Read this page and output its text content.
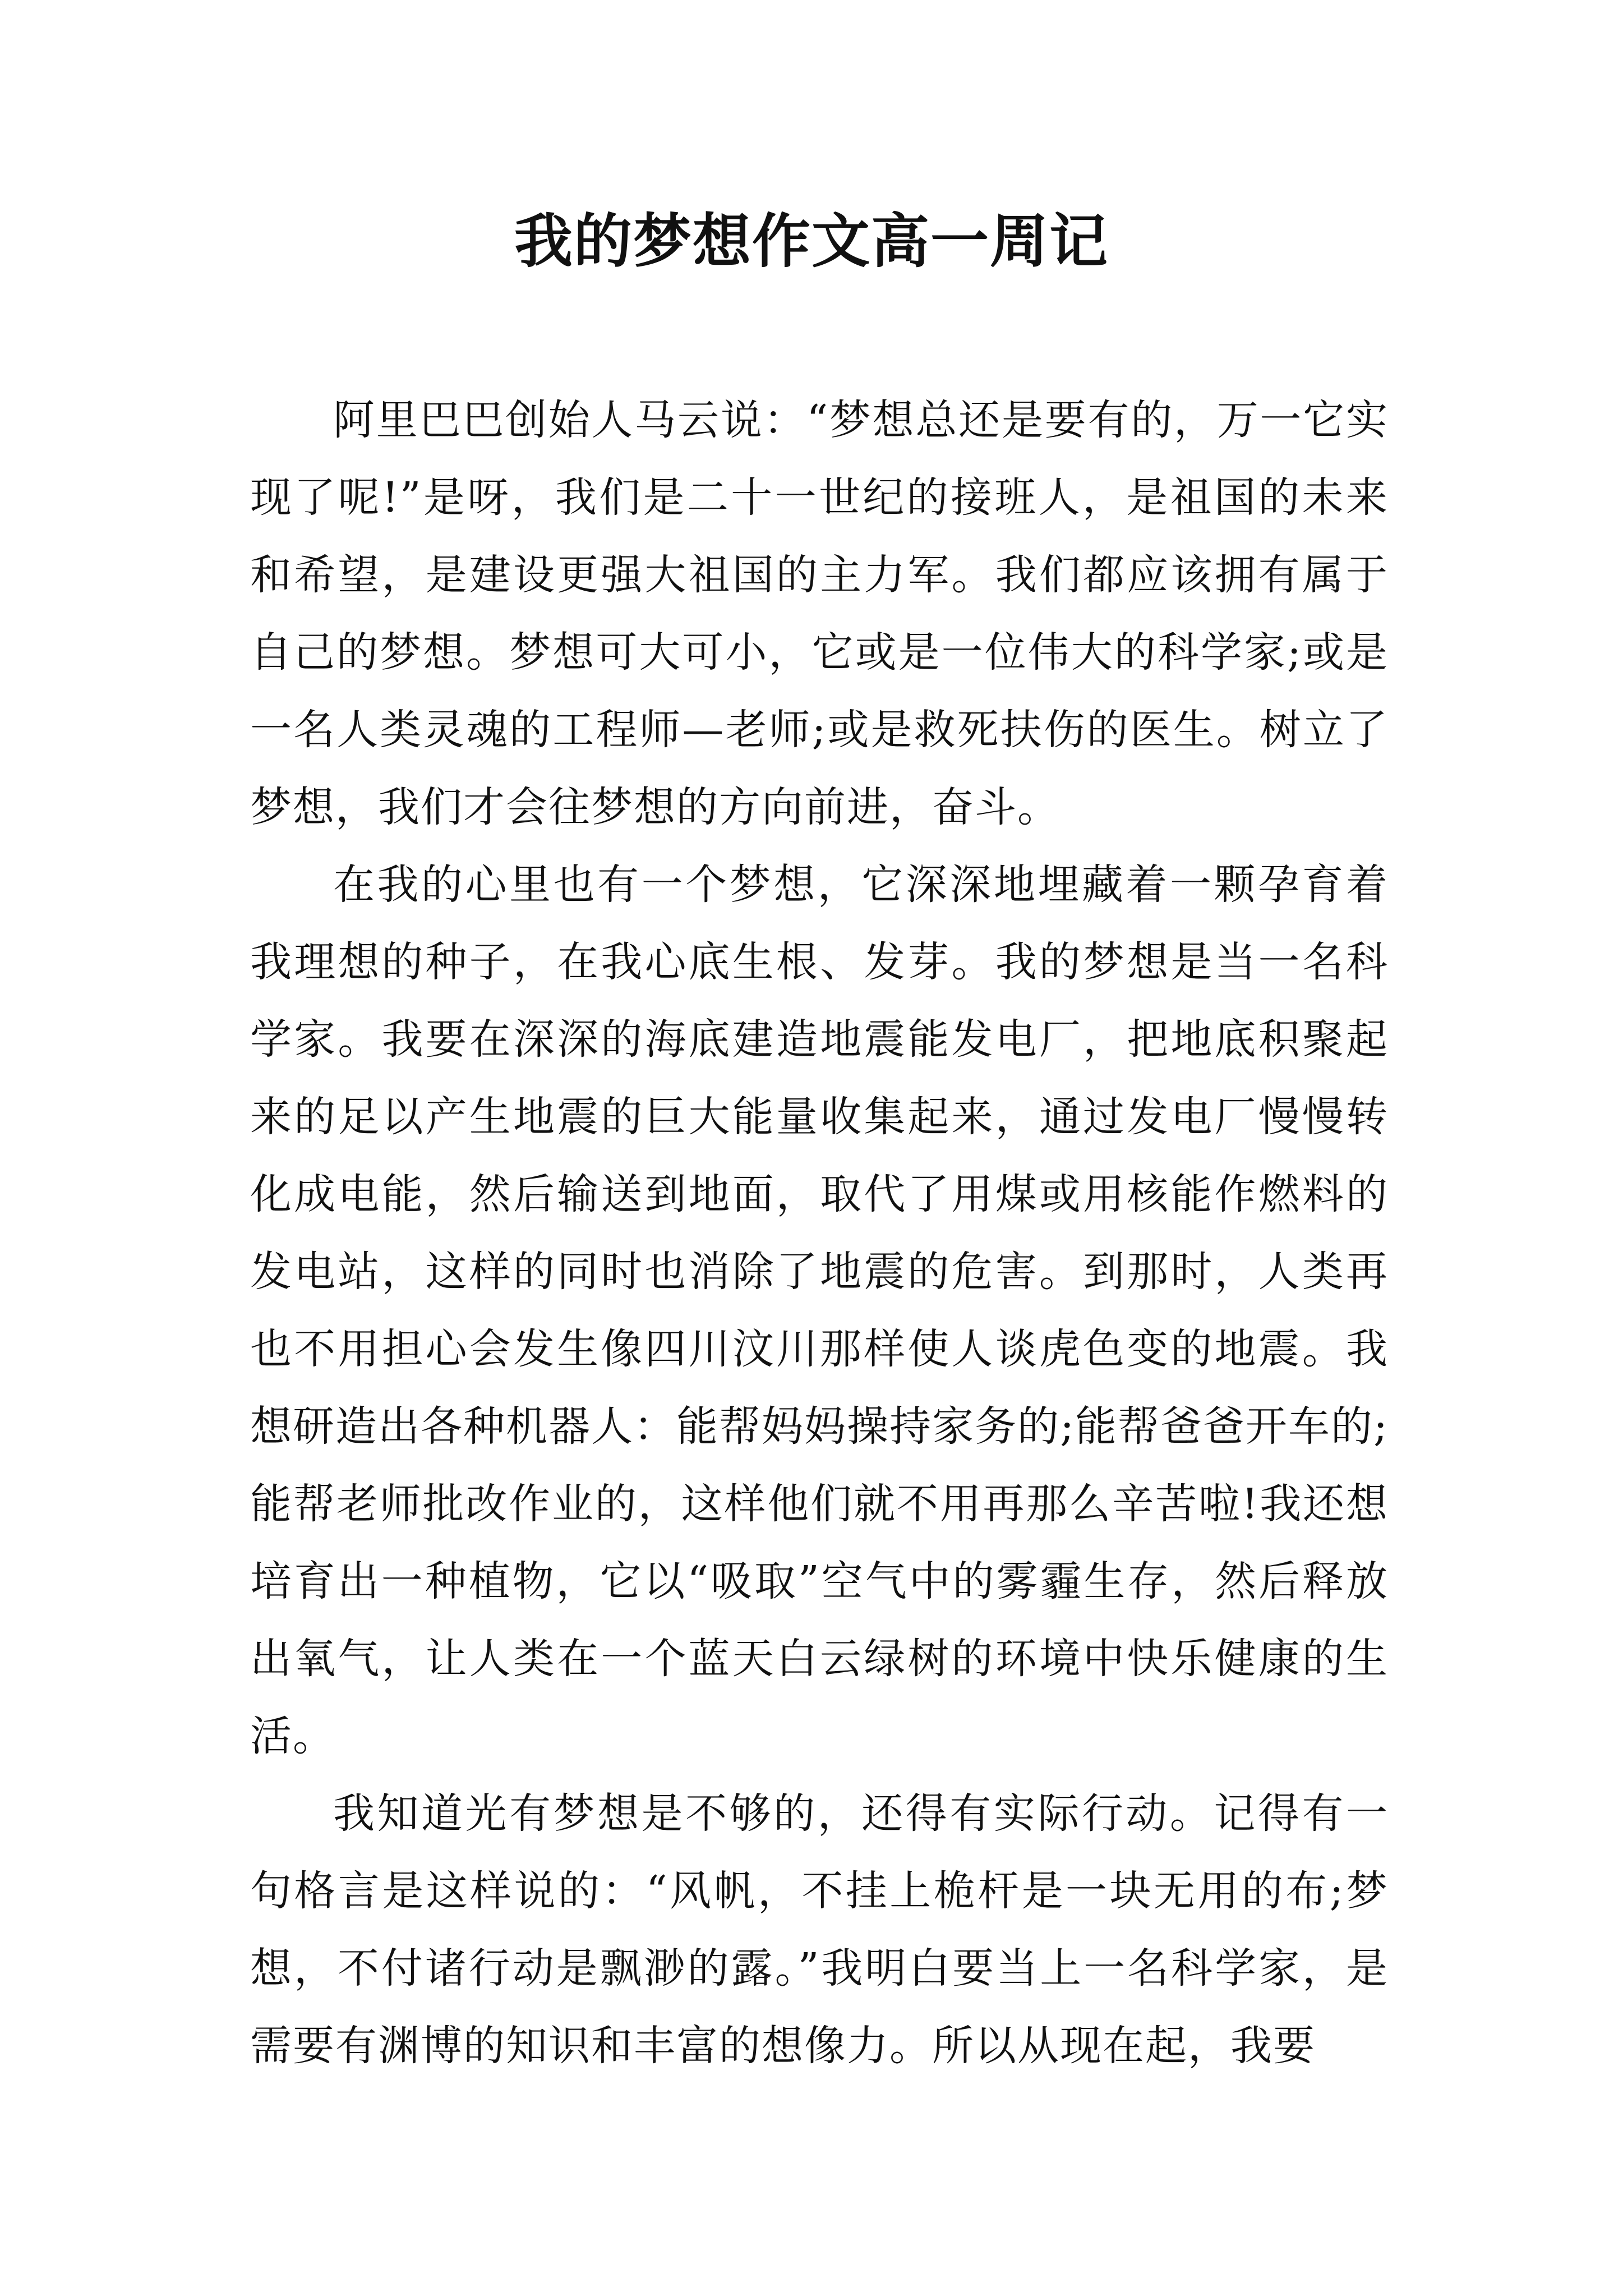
我的梦想作文高一周记

阿里巴巴创始人马云说：“梦想总还是要有的，万一它实现了呢!”是呀，我们是二十一世纪的接班人，是祖国的未来和希望，是建设更强大祖国的主力军。我们都应该拥有属于自己的梦想。梦想可大可小，它或是一位伟大的科学家;或是一名人类灵魂的工程师—老师;或是救死扶伤的医生。树立了梦想，我们才会往梦想的方向前进，奋斗。

在我的心里也有一个梦想，它深深地埋藏着一颗孕育着我理想的种子，在我心底生根、发芽。我的梦想是当一名科学家。我要在深深的海底建造地震能发电厂，把地底积聚起来的足以产生地震的巨大能量收集起来，通过发电厂慢慢转化成电能，然后输送到地面，取代了用煤或用核能作燃料的发电站，这样的同时也消除了地震的危害。到那时，人类再也不用担心会发生像四川汶川那样使人谈虎色变的地震。我想研造出各种机器人：能帮妈妈操持家务的;能帮爸爸开车的;能帮老师批改作业的，这样他们就不用再那么辛苦啦!我还想培育出一种植物，它以“吸取”空气中的雾霾生存，然后释放出氧气，让人类在一个蓝天白云绿树的环境中快乐健康的生活。

我知道光有梦想是不够的，还得有实际行动。记得有一句格言是这样说的：“风帆，不挂上桅杆是一块无用的布;梦想，不付诸行动是飘渺的露。”我明白要当上一名科学家，是需要有渊博的知识和丰富的想像力。所以从现在起，我要
